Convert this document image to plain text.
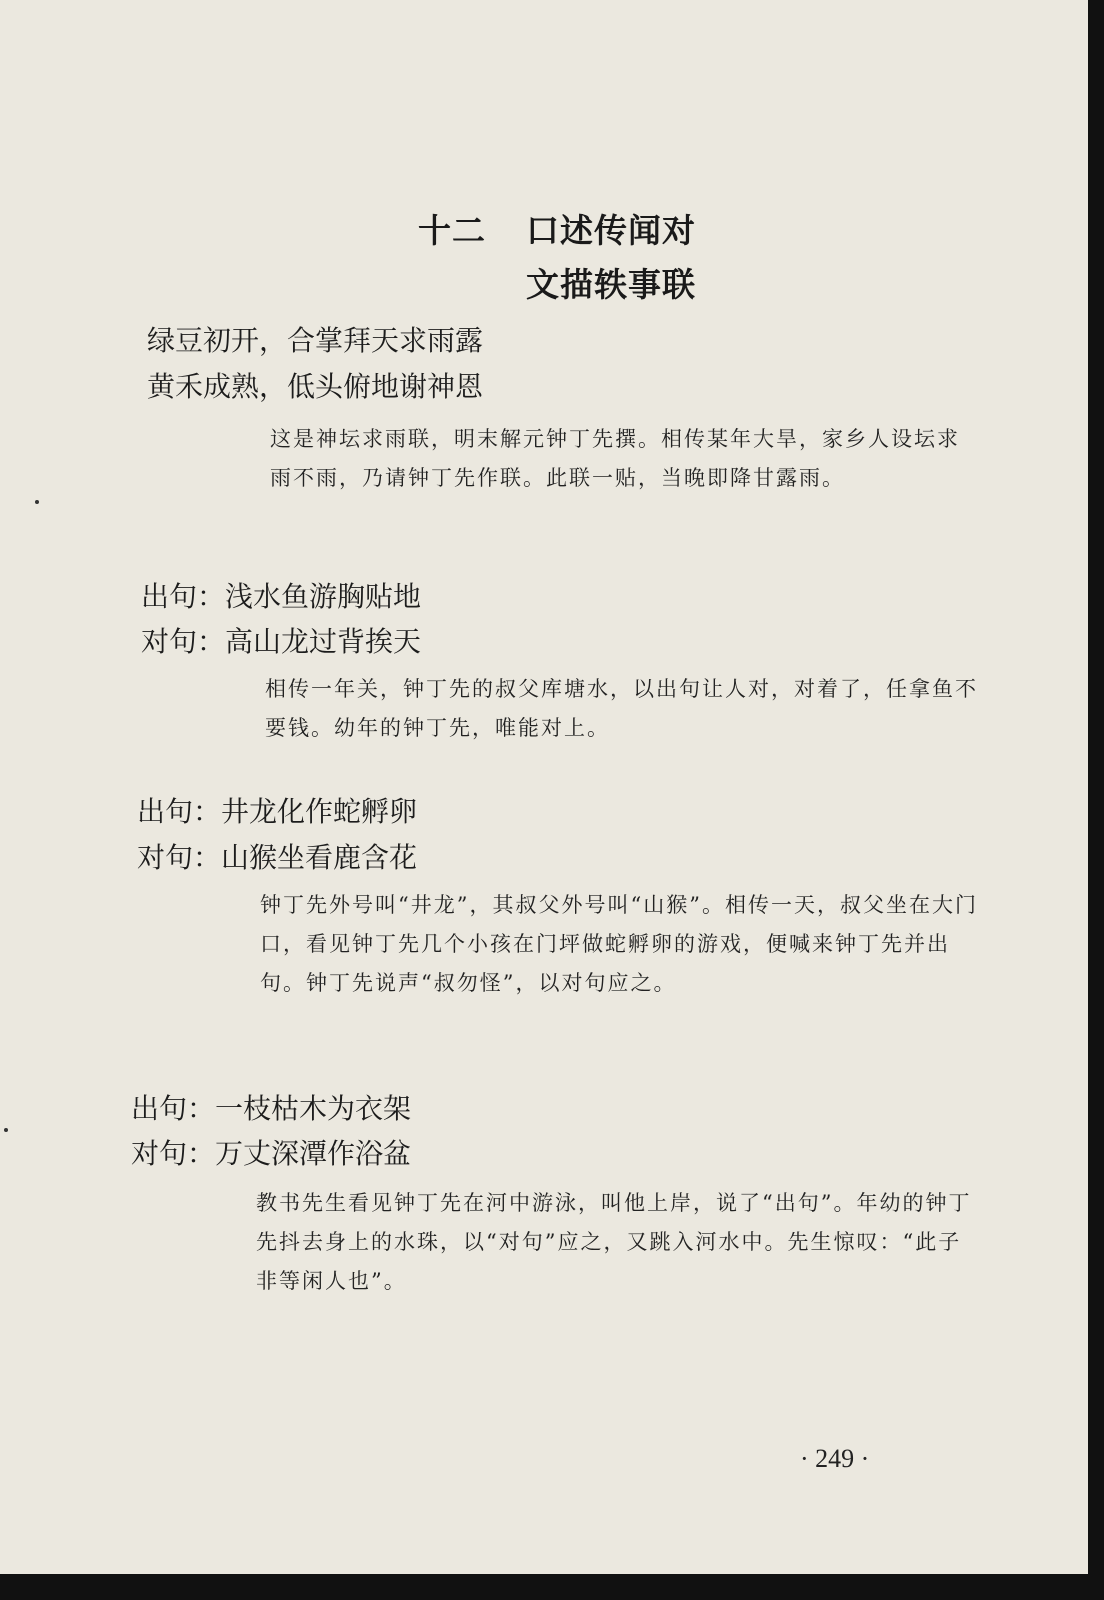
十二 口述传闻对
文描轶事联
绿豆初开，合掌拜天求雨露
黄禾成熟，低头俯地谢神恩
这是神坛求雨联，明末解元钟丁先撰。相传某年大旱，家乡人设坛求雨不雨，乃请钟丁先作联。此联一贴，当晚即降甘露雨。
出句：浅水鱼游胸贴地
对句：高山龙过背挨天
相传一年关，钟丁先的叔父库塘水，以出句让人对，对着了，任拿鱼不要钱。幼年的钟丁先，唯能对上。
出句：井龙化作蛇孵卵
对句：山猴坐看鹿含花
钟丁先外号叫“井龙”，其叔父外号叫“山猴”。相传一天，叔父坐在大门口，看见钟丁先几个小孩在门坪做蛇孵卵的游戏，便喊来钟丁先并出句。钟丁先说声“叔勿怪”，以对句应之。
出句：一枝枯木为衣架
对句：万丈深潭作浴盆
教书先生看见钟丁先在河中游泳，叫他上岸，说了“出句”。年幼的钟丁先抖去身上的水珠，以“对句”应之，又跳入河水中。先生惊叹：“此子非等闲人也”。
· 249 ·
